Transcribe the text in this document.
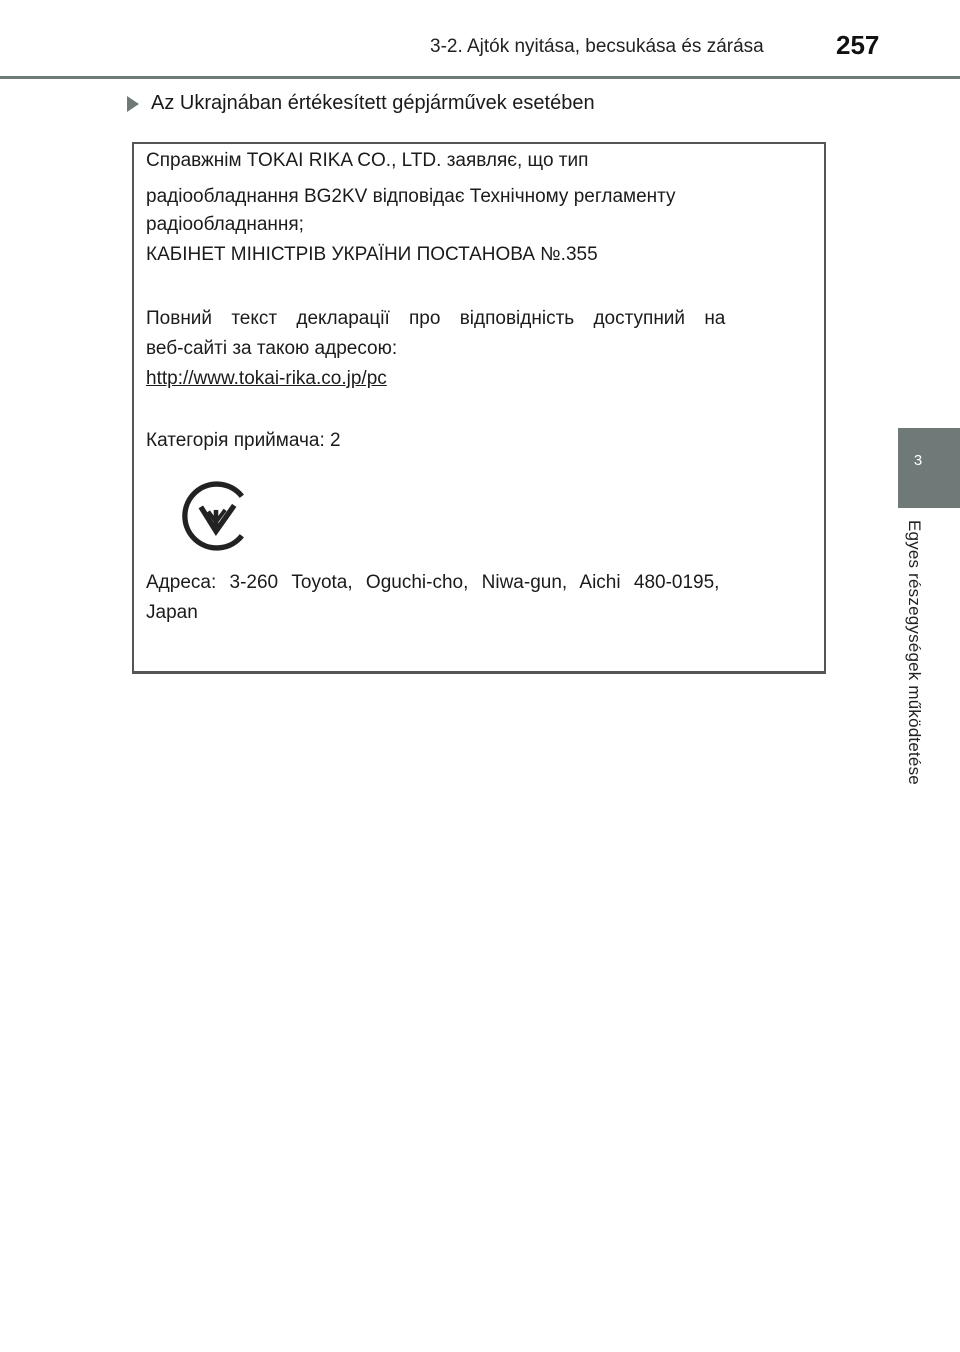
3-2. Ajtók nyitása, becsukása és zárása	257
3
Egyes részegységek működtetése
Az Ukrajnában értékesített gépjárművek esetében

Справжнім TOKAI RIKA CO., LTD. заявляє, що тип

радіообладнання BG2KV відповідає Технічному регламенту

радіообладнання;

КАБІНЕТ МІНІСТРІВ УКРАЇНИ ПОСТАНОВА №.355

Повний текст декларації про відповідність доступний на

веб-сайті за такою адресою:

http://www.tokai-rika.co.jp/pc

Категорія приймача: 2

Адреса: 3-260 Toyota, Oguchi-cho, Niwa-gun, Aichi 480-0195,

Japan
